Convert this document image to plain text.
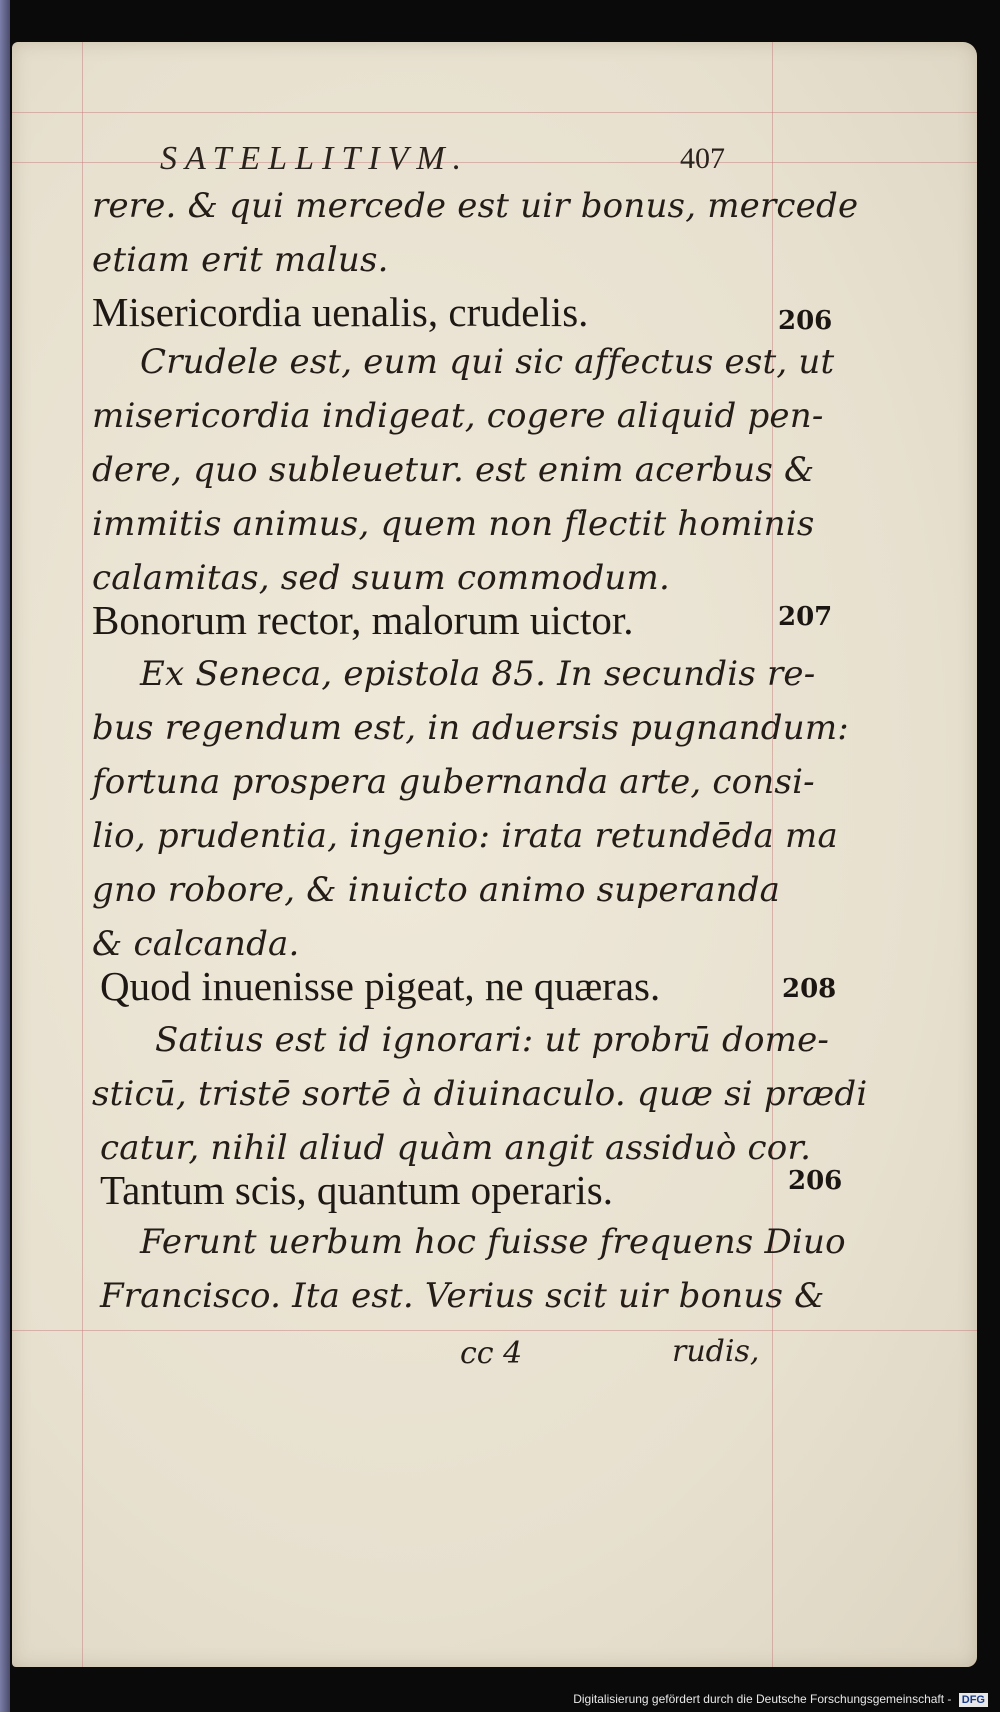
SATELLITIVM.	407
rere. & qui mercede est uir bonus, mercede
etiam erit malus.
Misericordia uenalis, crudelis.
Crudele est, eum qui sic affectus est, ut
misericordia indigeat, cogere aliquid pen-
dere, quo subleuetur. est enim acerbus &
immitis animus, quem non flectit hominis
calamitas, sed suum commodum.
Bonorum rector, malorum uictor.
Ex Seneca, epistola 85. In secundis re-
bus regendum est, in aduersis pugnandum:
fortuna prospera gubernanda arte, consi-
lio, prudentia, ingenio: irata retundēda ma
gno robore, & inuicto animo superanda
& calcanda.
Quod inuenisse pigeat, ne quæras.
Satius est id ignorari: ut probrū dome-
sticū, tristē sortē à diuinaculo. quæ si prædi
catur, nihil aliud quàm angit assiduò cor.
Tantum scis, quantum operaris.
Ferunt uerbum hoc fuisse frequens Diuo
Francisco. Ita est. Verius scit uir bonus &
206
207
208
206
cc 4	rudis,
Digitalisierung gefördert durch die Deutsche Forschungsgemeinschaft - DFG
